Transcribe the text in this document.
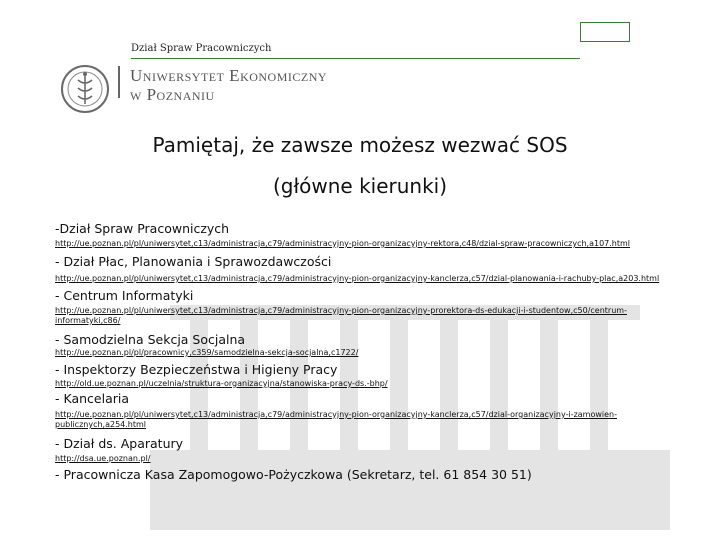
Dział Spraw Pracowniczych
Uniwersytet Ekonomiczny
w Poznaniu
Pamiętaj, że zawsze możesz wezwać SOS
(główne kierunki)
-Dział Spraw Pracowniczych
http://ue.poznan.pl/pl/uniwersytet,c13/administracja,c79/administracyjny-pion-organizacyjny-rektora,c48/dzial-spraw-pracowniczych,a107.html
- Dział Płac, Planowania i Sprawozdawczości
http://ue.poznan.pl/pl/uniwersytet,c13/administracja,c79/administracyjny-pion-organizacyjny-kanclerza,c57/dzial-planowania-i-rachuby-plac,a203.html
- Centrum Informatyki
http://ue.poznan.pl/pl/uniwersytet,c13/administracja,c79/administracyjny-pion-organizacyjny-prorektora-ds-edukacji-i-studentow,c50/centrum-informatyki,c86/
- Samodzielna Sekcja Socjalna
http://ue.poznan.pl/pl/pracownicy,c359/samodzielna-sekcja-socjalna,c1722/
- Inspektorzy Bezpieczeństwa i Higieny Pracy
http://old.ue.poznan.pl/uczelnia/struktura-organizacyjna/stanowiska-pracy-ds.-bhp/
- Kancelaria
http://ue.poznan.pl/pl/uniwersytet,c13/administracja,c79/administracyjny-pion-organizacyjny-kanclerza,c57/dzial-organizacyjny-i-zamowien-publicznych,a254.html
- Dział ds. Aparatury
http://dsa.ue.poznan.pl/
- Pracownicza Kasa Zapomogowo-Pożyczkowa (Sekretarz, tel. 61 854 30 51)
